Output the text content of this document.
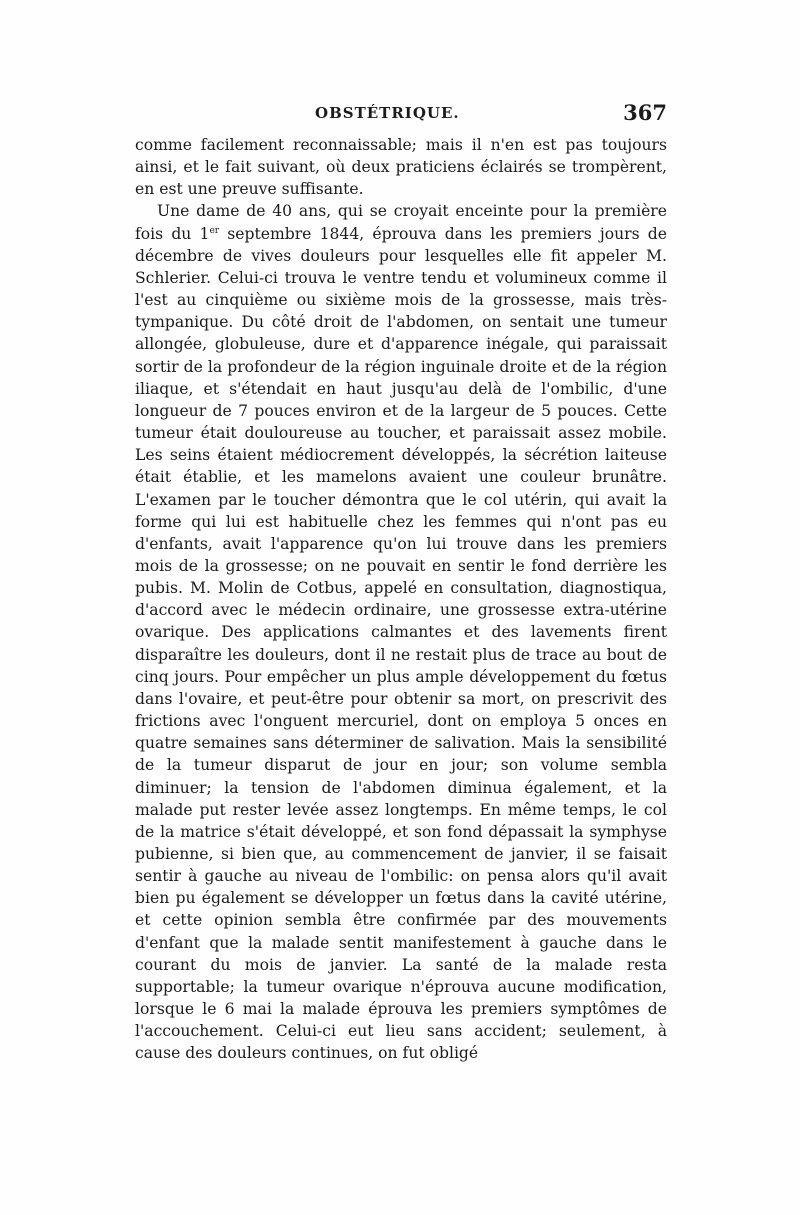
OBSTÉTRIQUE.	367

comme facilement reconnaissable; mais il n'en est pas toujours ainsi, et le fait suivant, où deux praticiens éclairés se trompèrent, en est une preuve suffisante.

Une dame de 40 ans, qui se croyait enceinte pour la première fois du 1er septembre 1844, éprouva dans les premiers jours de décembre de vives douleurs pour lesquelles elle fit appeler M. Schlerier. Celui-ci trouva le ventre tendu et volumineux comme il l'est au cinquième ou sixième mois de la grossesse, mais très-tympanique. Du côté droit de l'abdomen, on sentait une tumeur allongée, globuleuse, dure et d'apparence inégale, qui paraissait sortir de la profondeur de la région inguinale droite et de la région iliaque, et s'étendait en haut jusqu'au delà de l'ombilic, d'une longueur de 7 pouces environ et de la largeur de 5 pouces. Cette tumeur était douloureuse au toucher, et paraissait assez mobile. Les seins étaient médiocrement développés, la sécrétion laiteuse était établie, et les mamelons avaient une couleur brunâtre. L'examen par le toucher démontra que le col utérin, qui avait la forme qui lui est habituelle chez les femmes qui n'ont pas eu d'enfants, avait l'apparence qu'on lui trouve dans les premiers mois de la grossesse; on ne pouvait en sentir le fond derrière les pubis. M. Molin de Cotbus, appelé en consultation, diagnostiqua, d'accord avec le médecin ordinaire, une grossesse extra-utérine ovarique. Des applications calmantes et des lavements firent disparaître les douleurs, dont il ne restait plus de trace au bout de cinq jours. Pour empêcher un plus ample développement du fœtus dans l'ovaire, et peut-être pour obtenir sa mort, on prescrivit des frictions avec l'onguent mercuriel, dont on employa 5 onces en quatre semaines sans déterminer de salivation. Mais la sensibilité de la tumeur disparut de jour en jour; son volume sembla diminuer; la tension de l'abdomen diminua également, et la malade put rester levée assez longtemps. En même temps, le col de la matrice s'était développé, et son fond dépassait la symphyse pubienne, si bien que, au commencement de janvier, il se faisait sentir à gauche au niveau de l'ombilic: on pensa alors qu'il avait bien pu également se développer un fœtus dans la cavité utérine, et cette opinion sembla être confirmée par des mouvements d'enfant que la malade sentit manifestement à gauche dans le courant du mois de janvier. La santé de la malade resta supportable; la tumeur ovarique n'éprouva aucune modification, lorsque le 6 mai la malade éprouva les premiers symptômes de l'accouchement. Celui-ci eut lieu sans accident; seulement, à cause des douleurs continues, on fut obligé
